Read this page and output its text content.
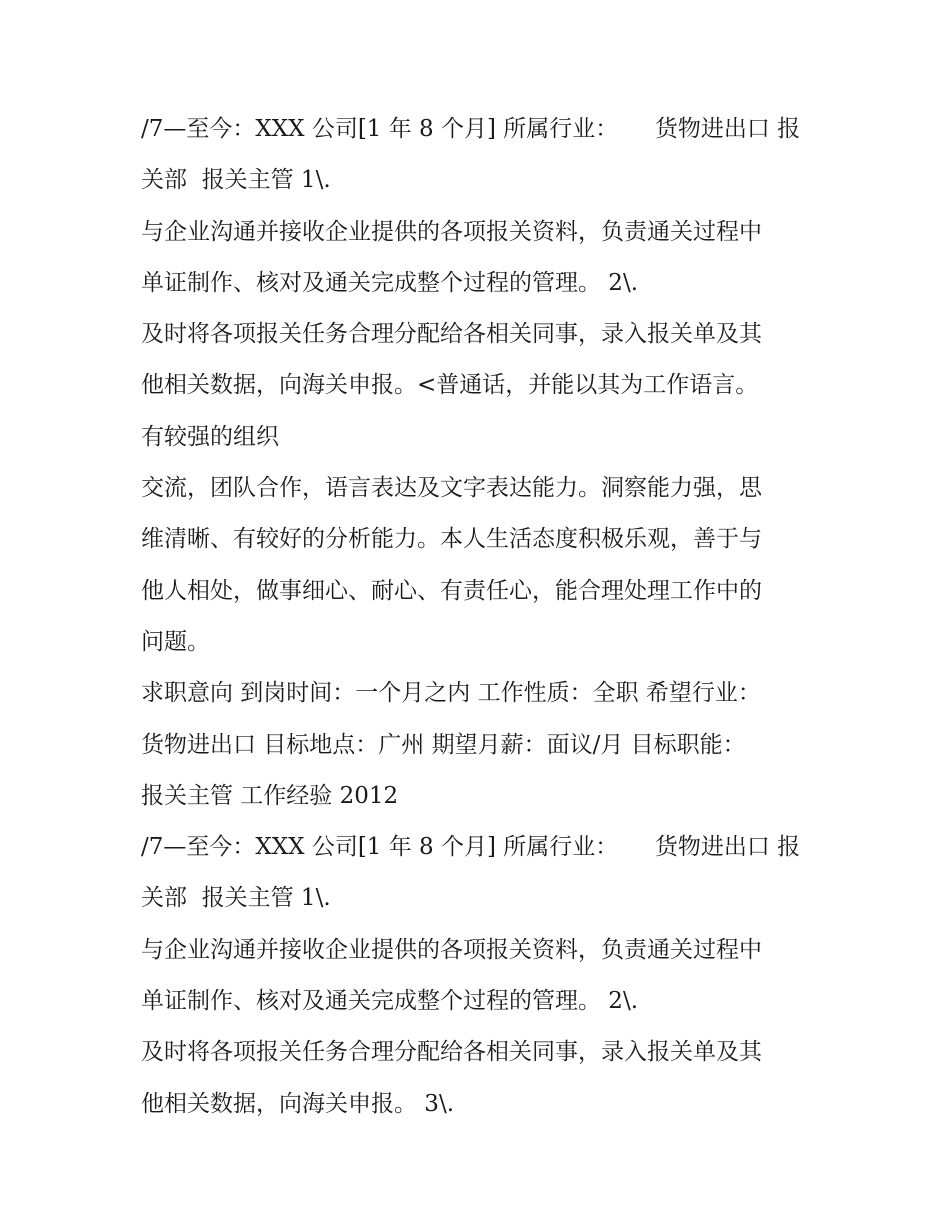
/7—至今：XXX 公司[1 年 8 个月] 所属行业：     货物进出口 报
关部  报关主管 1\.
与企业沟通并接收企业提供的各项报关资料，负责通关过程中
单证制作、核对及通关完成整个过程的管理。 2\.
及时将各项报关任务合理分配给各相关同事，录入报关单及其
他相关数据，向海关申报。<普通话，并能以其为工作语言。
有较强的组织
交流，团队合作，语言表达及文字表达能力。洞察能力强，思
维清晰、有较好的分析能力。本人生活态度积极乐观，善于与
他人相处，做事细心、耐心、有责任心，能合理处理工作中的
问题。
求职意向 到岗时间：一个月之内 工作性质：全职 希望行业：
货物进出口 目标地点：广州 期望月薪：面议/月 目标职能：
报关主管 工作经验 2012
/7—至今：XXX 公司[1 年 8 个月] 所属行业：     货物进出口 报
关部  报关主管 1\.
与企业沟通并接收企业提供的各项报关资料，负责通关过程中
单证制作、核对及通关完成整个过程的管理。 2\.
及时将各项报关任务合理分配给各相关同事，录入报关单及其
他相关数据，向海关申报。 3\.
